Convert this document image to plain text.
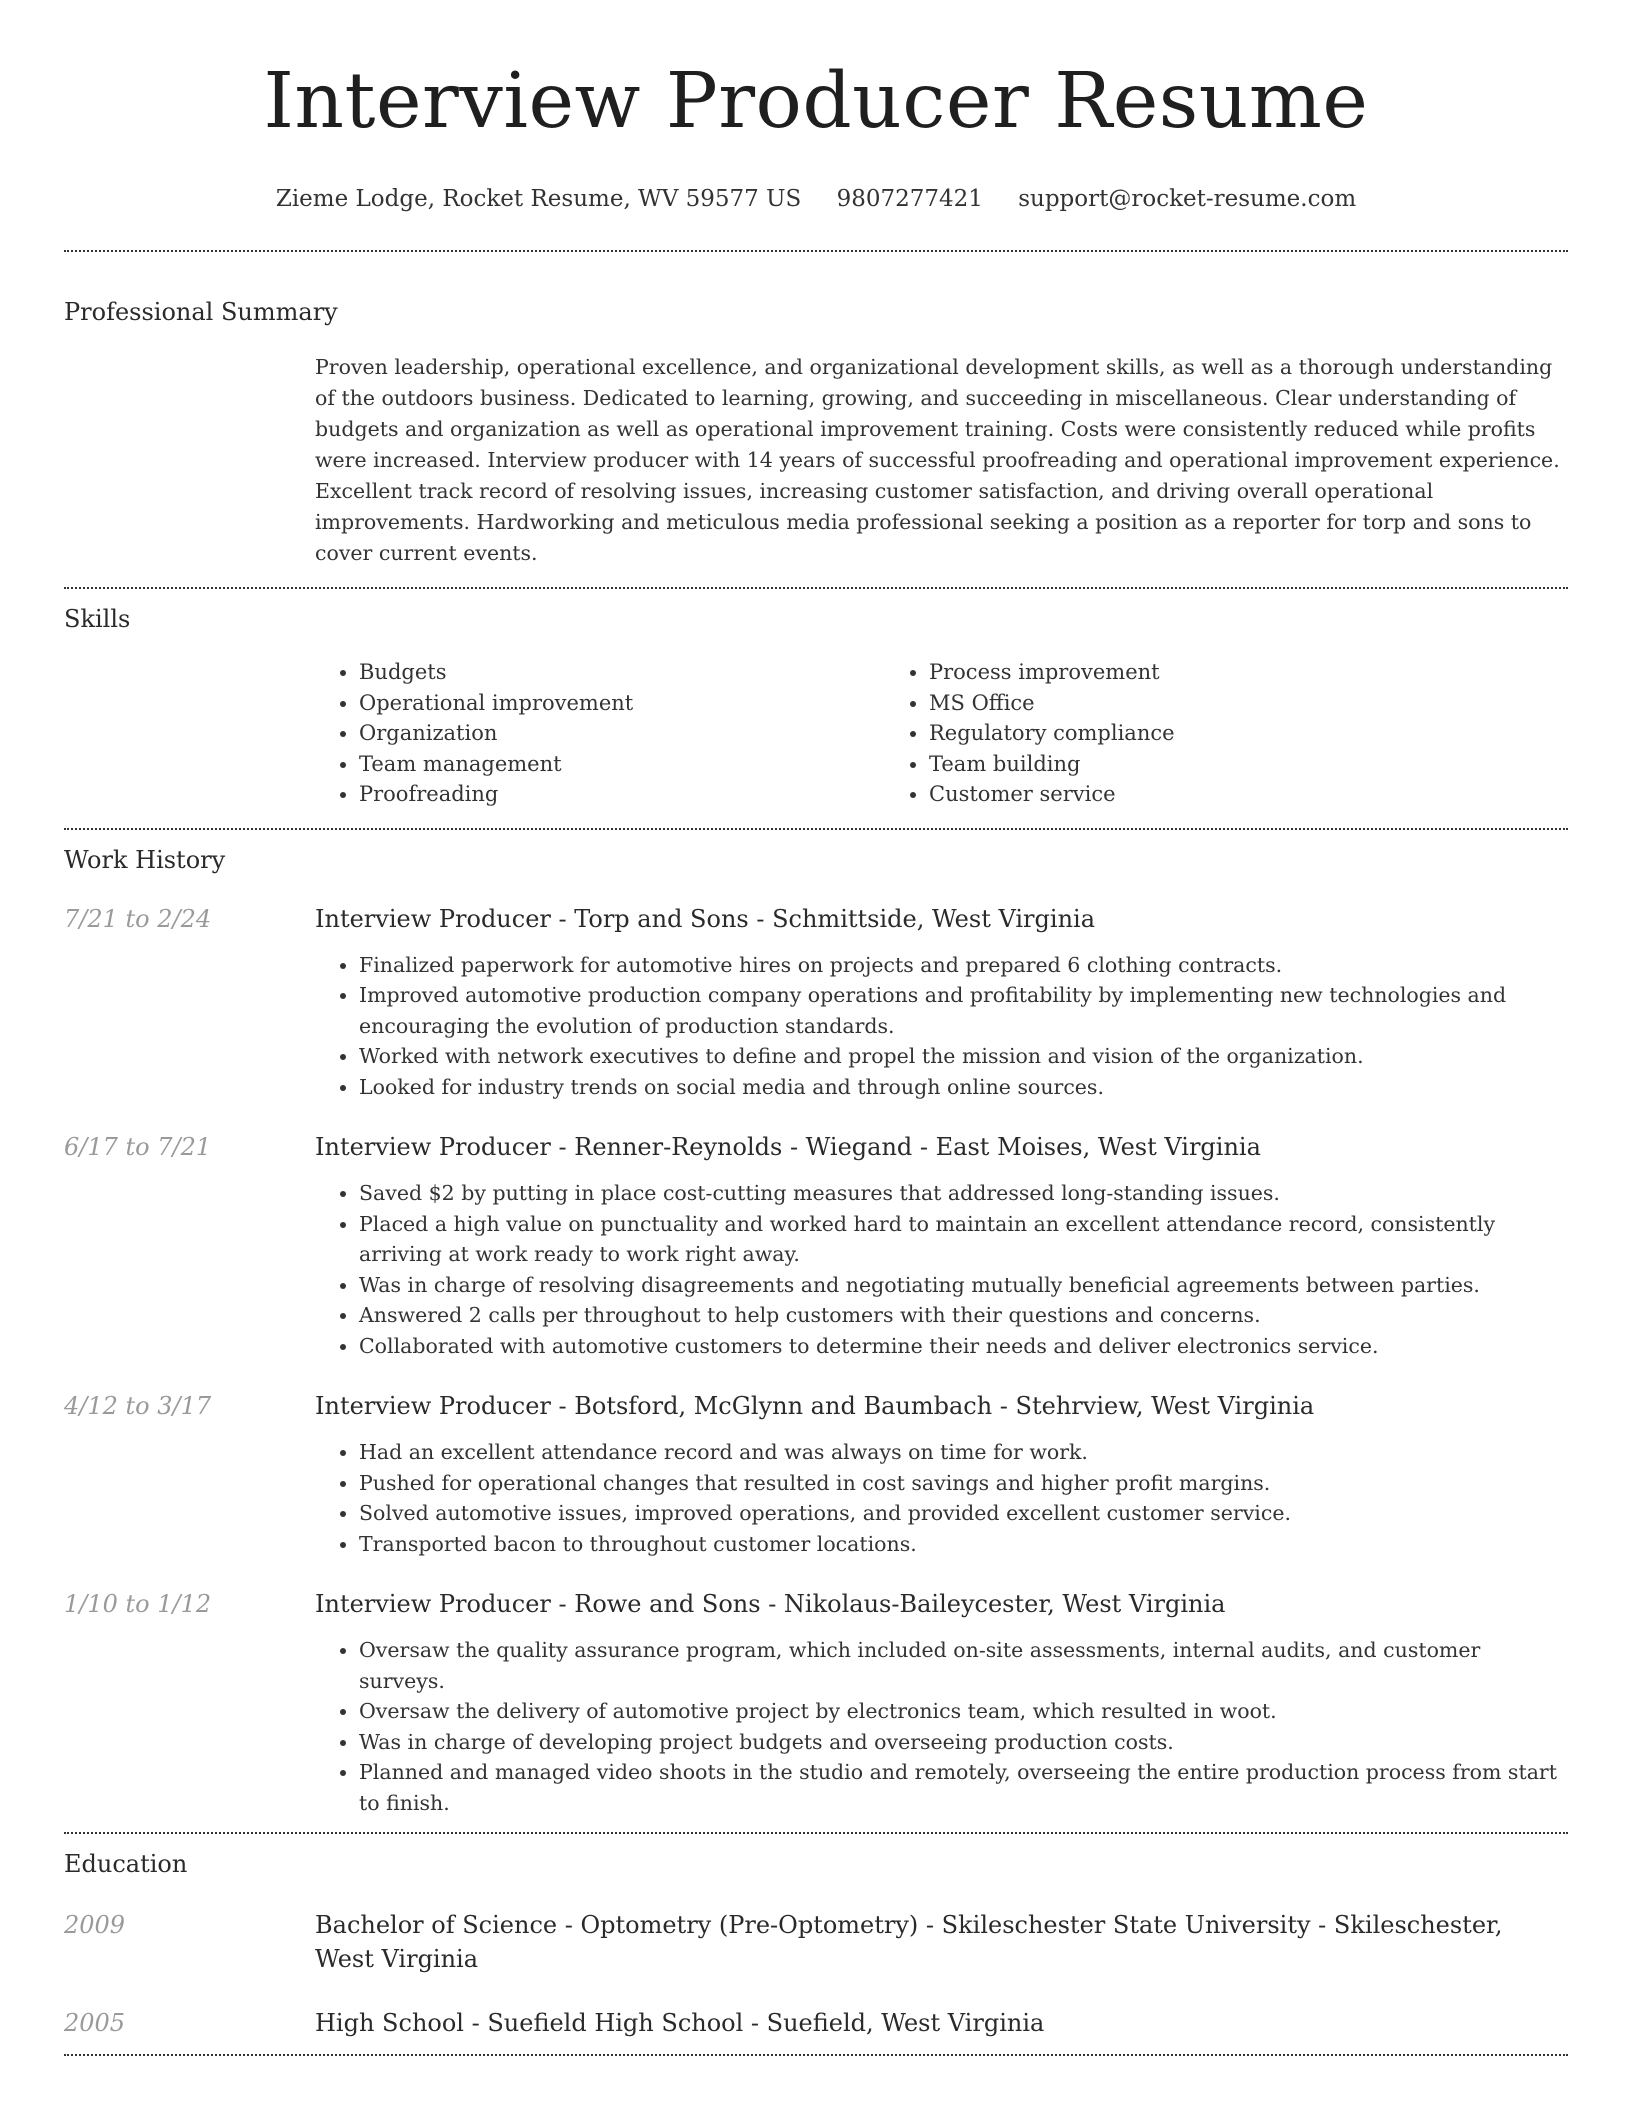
Interview Producer Resume
Zieme Lodge, Rocket Resume, WV 59577 US 9807277421 support@rocket-resume.com
Professional Summary
Proven leadership, operational excellence, and organizational development skills, as well as a thorough understanding of the outdoors business. Dedicated to learning, growing, and succeeding in miscellaneous. Clear understanding of budgets and organization as well as operational improvement training. Costs were consistently reduced while profits were increased. Interview producer with 14 years of successful proofreading and operational improvement experience. Excellent track record of resolving issues, increasing customer satisfaction, and driving overall operational improvements. Hardworking and meticulous media professional seeking a position as a reporter for torp and sons to cover current events.
Skills
• Budgets
• Operational improvement
• Organization
• Team management
• Proofreading
• Process improvement
• MS Office
• Regulatory compliance
• Team building
• Customer service
Work History
7/21 to 2/24	Interview Producer - Torp and Sons - Schmittside, West Virginia
• Finalized paperwork for automotive hires on projects and prepared 6 clothing contracts.
• Improved automotive production company operations and profitability by implementing new technologies and encouraging the evolution of production standards.
• Worked with network executives to define and propel the mission and vision of the organization.
• Looked for industry trends on social media and through online sources.
6/17 to 7/21	Interview Producer - Renner-Reynolds - Wiegand - East Moises, West Virginia
• Saved $2 by putting in place cost-cutting measures that addressed long-standing issues.
• Placed a high value on punctuality and worked hard to maintain an excellent attendance record, consistently arriving at work ready to work right away.
• Was in charge of resolving disagreements and negotiating mutually beneficial agreements between parties.
• Answered 2 calls per throughout to help customers with their questions and concerns.
• Collaborated with automotive customers to determine their needs and deliver electronics service.
4/12 to 3/17	Interview Producer - Botsford, McGlynn and Baumbach - Stehrview, West Virginia
• Had an excellent attendance record and was always on time for work.
• Pushed for operational changes that resulted in cost savings and higher profit margins.
• Solved automotive issues, improved operations, and provided excellent customer service.
• Transported bacon to throughout customer locations.
1/10 to 1/12	Interview Producer - Rowe and Sons - Nikolaus-Baileycester, West Virginia
• Oversaw the quality assurance program, which included on-site assessments, internal audits, and customer surveys.
• Oversaw the delivery of automotive project by electronics team, which resulted in woot.
• Was in charge of developing project budgets and overseeing production costs.
• Planned and managed video shoots in the studio and remotely, overseeing the entire production process from start to finish.
Education
2009	Bachelor of Science - Optometry (Pre-Optometry) - Skileschester State University - Skileschester, West Virginia
2005	High School - Suefield High School - Suefield, West Virginia
